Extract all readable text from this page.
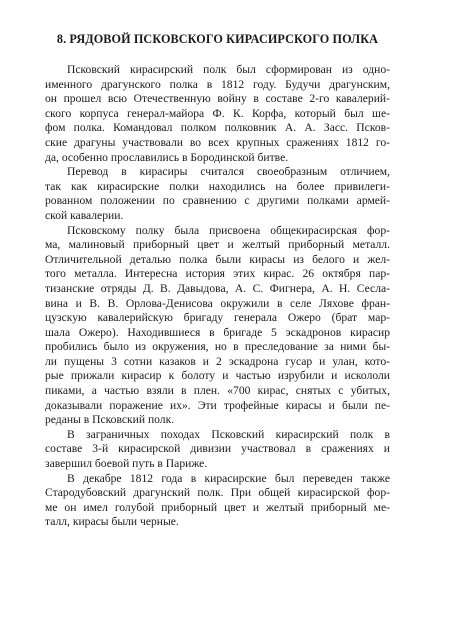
8. РЯДОВОЙ ПСКОВСКОГО КИРАСИРСКОГО ПОЛКА
Псковский кирасирский полк был сформирован из одно-
именного драгунского полка в 1812 году. Будучи драгунским,
он прошел всю Отечественную войну в составе 2-го кавалерий-
ского корпуса генерал-майора Ф. К. Корфа, который был ше-
фом полка. Командовал полком полковник А. А. Засс. Псков-
ские драгуны участвовали во всех крупных сражениях 1812 го-
да, особенно прославились в Бородинской битве.
Перевод в кирасиры считался своеобразным отличием,
так как кирасирские полки находились на более привилеги-
рованном положении по сравнению с другими полками армей-
ской кавалерии.
Псковскому полку была присвоена общекирасирская фор-
ма, малиновый приборный цвет и желтый приборный металл.
Отличительной деталью полка были кирасы из белого и жел-
того металла. Интересна история этих кирас. 26 октября пар-
тизанские отряды Д. В. Давыдова, А. С. Фигнера, А. Н. Сесла-
вина и В. В. Орлова-Денисова окружили в селе Ляхове фран-
цузскую кавалерийскую бригаду генерала Ожеро (брат мар-
шала Ожеро). Находившиеся в бригаде 5 эскадронов кирасир
пробились было из окружения, но в преследование за ними бы-
ли пущены 3 сотни казаков и 2 эскадрона гусар и улан, кото-
рые прижали кирасир к болоту и частью изрубили и искололи
пиками, а частью взяли в плен. «700 кирас, снятых с убитых,
доказывали поражение их». Эти трофейные кирасы и были пе-
реданы в Псковский полк.
В заграничных походах Псковский кирасирский полк в
составе 3-й кирасирской дивизии участвовал в сражениях и
завершил боевой путь в Париже.
В декабре 1812 года в кирасирские был переведен также
Стародубовский драгунский полк. При общей кирасирской фор-
ме он имел голубой приборный цвет и желтый приборный ме-
талл, кирасы были черные.
